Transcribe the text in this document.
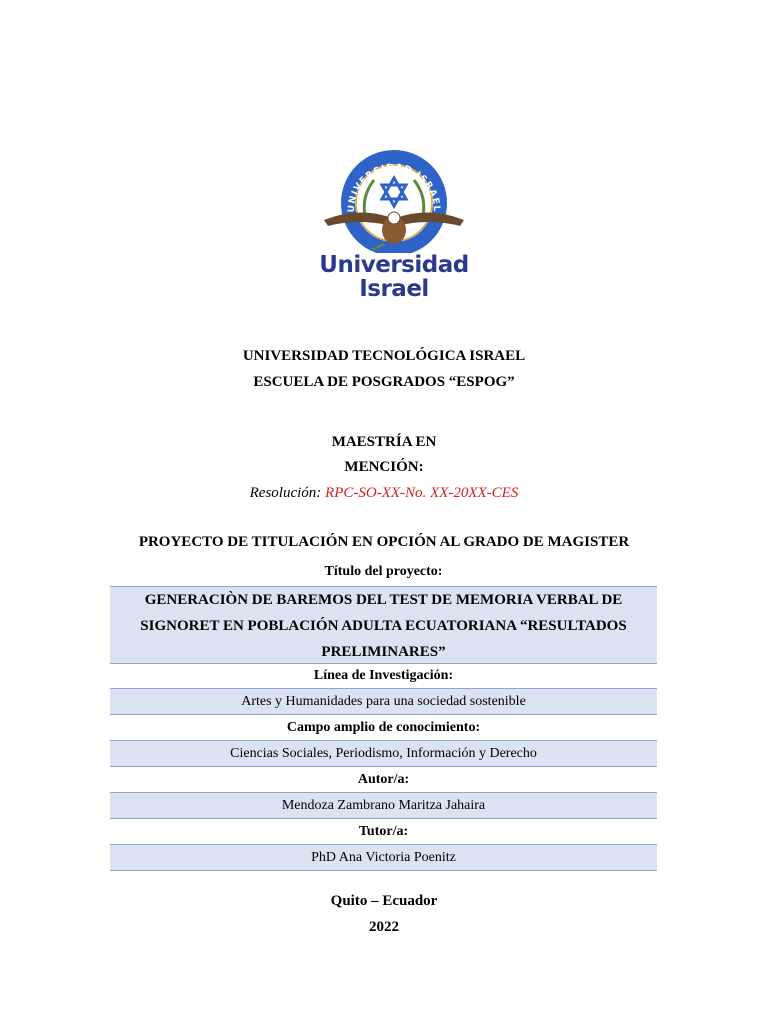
UNIVERSIDAD ISRAEL
Universidad
Israel
UNIVERSIDAD TECNOLÓGICA ISRAEL
ESCUELA DE POSGRADOS “ESPOG”
MAESTRÍA EN
MENCIÓN:
Resolución: RPC-SO-XX-No. XX-20XX-CES
PROYECTO DE TITULACIÓN EN OPCIÓN AL GRADO DE MAGISTER
Título del proyecto:
GENERACIÒN DE BAREMOS DEL TEST DE MEMORIA VERBAL DE
SIGNORET EN POBLACIÓN ADULTA ECUATORIANA “RESULTADOS
PRELIMINARES”
Línea de Investigación:
Artes y Humanidades para una sociedad sostenible
Campo amplio de conocimiento:
Ciencias Sociales, Periodismo, Información y Derecho
Autor/a:
Mendoza Zambrano Maritza Jahaira
Tutor/a:
PhD Ana Victoria Poenitz
Quito – Ecuador
2022
